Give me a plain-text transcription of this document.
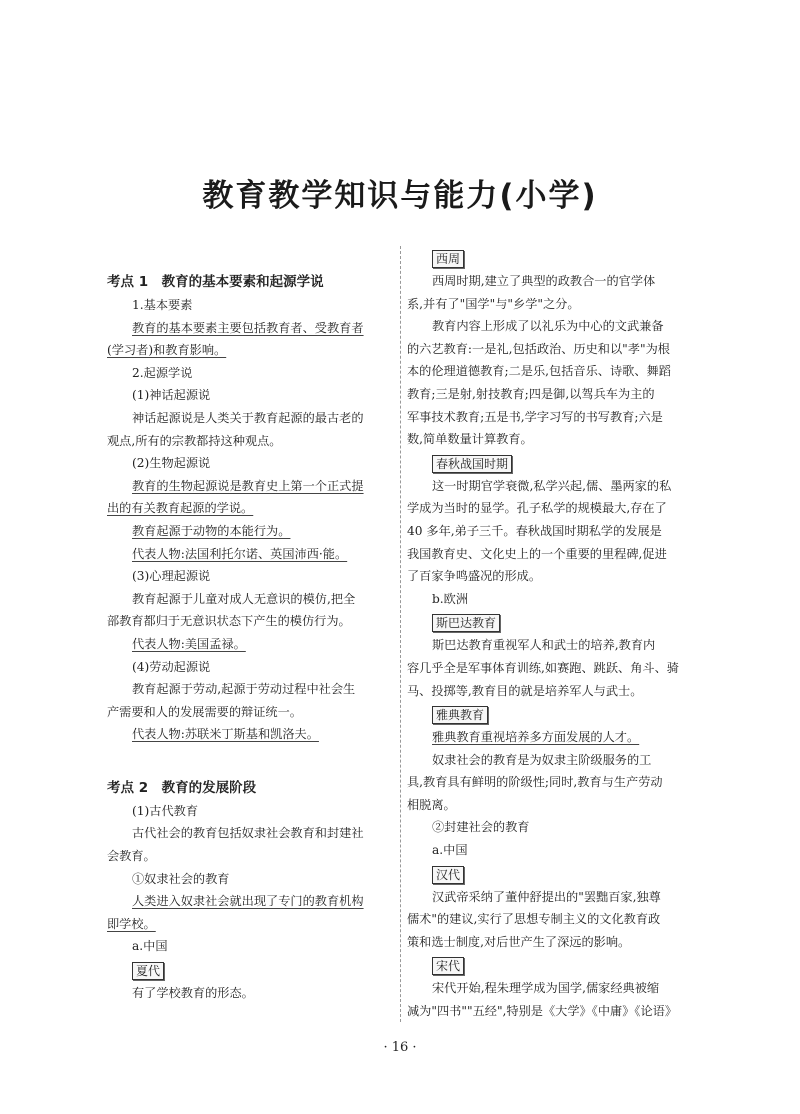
教育教学知识与能力(小学)
考点 1　教育的基本要素和起源学说
1.基本要素
教育的基本要素主要包括教育者、受教育者
(学习者)和教育影响。
2.起源学说
(1)神话起源说
神话起源说是人类关于教育起源的最古老的
观点,所有的宗教都持这种观点。
(2)生物起源说
教育的生物起源说是教育史上第一个正式提
出的有关教育起源的学说。
教育起源于动物的本能行为。
代表人物:法国利托尔诺、英国沛西·能。
(3)心理起源说
教育起源于儿童对成人无意识的模仿,把全
部教育都归于无意识状态下产生的模仿行为。
代表人物:美国孟禄。
(4)劳动起源说
教育起源于劳动,起源于劳动过程中社会生
产需要和人的发展需要的辩证统一。
代表人物:苏联米丁斯基和凯洛夫。
考点 2　教育的发展阶段
(1)古代教育
古代社会的教育包括奴隶社会教育和封建社
会教育。
①奴隶社会的教育
人类进入奴隶社会就出现了专门的教育机构
即学校。
a.中国
夏代
有了学校教育的形态。
西周
西周时期,建立了典型的政教合一的官学体
系,并有了"国学"与"乡学"之分。
教育内容上形成了以礼乐为中心的文武兼备
的六艺教育:一是礼,包括政治、历史和以"孝"为根
本的伦理道德教育;二是乐,包括音乐、诗歌、舞蹈
教育;三是射,射技教育;四是御,以驾兵车为主的
军事技术教育;五是书,学字习写的书写教育;六是
数,简单数量计算教育。
春秋战国时期
这一时期官学衰微,私学兴起,儒、墨两家的私
学成为当时的显学。孔子私学的规模最大,存在了
40 多年,弟子三千。春秋战国时期私学的发展是
我国教育史、文化史上的一个重要的里程碑,促进
了百家争鸣盛况的形成。
b.欧洲
斯巴达教育
斯巴达教育重视军人和武士的培养,教育内
容几乎全是军事体育训练,如赛跑、跳跃、角斗、骑
马、投掷等,教育目的就是培养军人与武士。
雅典教育
雅典教育重视培养多方面发展的人才。
奴隶社会的教育是为奴隶主阶级服务的工
具,教育具有鲜明的阶级性;同时,教育与生产劳动
相脱离。
②封建社会的教育
a.中国
汉代
汉武帝采纳了董仲舒提出的"罢黜百家,独尊
儒术"的建议,实行了思想专制主义的文化教育政
策和选士制度,对后世产生了深远的影响。
宋代
宋代开始,程朱理学成为国学,儒家经典被缩
减为"四书""五经",特别是《大学》《中庸》《论语》
· 16 ·
